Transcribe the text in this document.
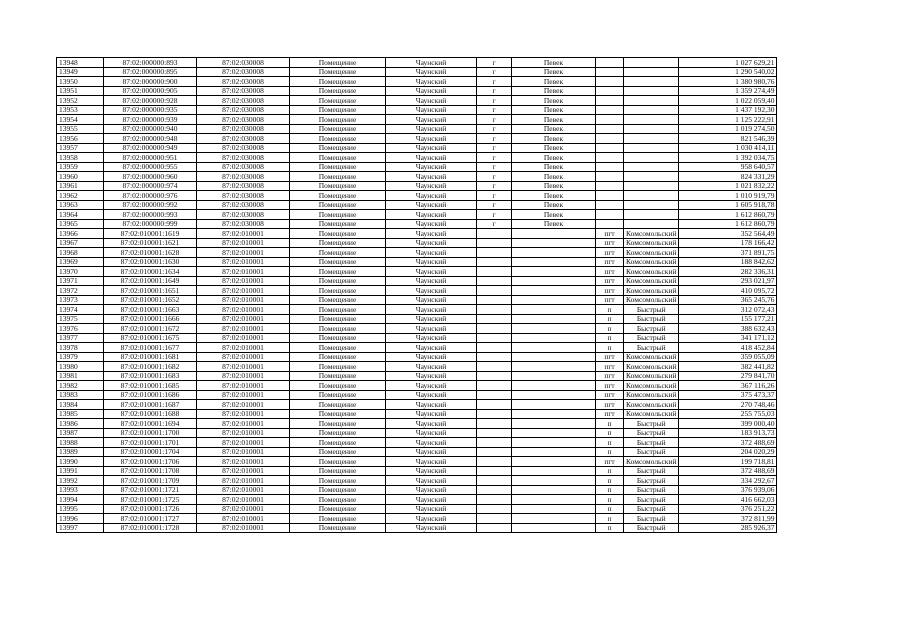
13948	87:02:000000:893	87:02:030008	Помещение	Чаунский	г	Певек			1 027 629,21
13949	87:02:000000:895	87:02:030008	Помещение	Чаунский	г	Певек			1 290 540,02
13950	87:02:000000:900	87:02:030008	Помещение	Чаунский	г	Певек			1 380 980,76
13951	87:02:000000:905	87:02:030008	Помещение	Чаунский	г	Певек			1 359 274,49
13952	87:02:000000:928	87:02:030008	Помещение	Чаунский	г	Певек			1 022 059,40
13953	87:02:000000:935	87:02:030008	Помещение	Чаунский	г	Певек			1 437 192,30
13954	87:02:000000:939	87:02:030008	Помещение	Чаунский	г	Певек			1 125 222,91
13955	87:02:000000:940	87:02:030008	Помещение	Чаунский	г	Певек			1 019 274,50
13956	87:02:000000:948	87:02:030008	Помещение	Чаунский	г	Певек			821 546,39
13957	87:02:000000:949	87:02:030008	Помещение	Чаунский	г	Певек			1 030 414,11
13958	87:02:000000:951	87:02:030008	Помещение	Чаунский	г	Певек			1 392 034,75
13959	87:02:000000:955	87:02:030008	Помещение	Чаунский	г	Певек			958 640,57
13960	87:02:000000:960	87:02:030008	Помещение	Чаунский	г	Певек			824 331,29
13961	87:02:000000:974	87:02:030008	Помещение	Чаунский	г	Певек			1 021 832,22
13962	87:02:000000:976	87:02:030008	Помещение	Чаунский	г	Певек			1 010 919,79
13963	87:02:000000:992	87:02:030008	Помещение	Чаунский	г	Певек			1 605 918,78
13964	87:02:000000:993	87:02:030008	Помещение	Чаунский	г	Певек			1 612 860,79
13965	87:02:000000:999	87:02:030008	Помещение	Чаунский	г	Певек			1 612 860,79
13966	87:02:010001:1619	87:02:010001	Помещение	Чаунский			пгт	Комсомольский	352 564,49
13967	87:02:010001:1621	87:02:010001	Помещение	Чаунский			пгт	Комсомольский	178 166,42
13968	87:02:010001:1628	87:02:010001	Помещение	Чаунский			пгт	Комсомольский	371 891,75
13969	87:02:010001:1630	87:02:010001	Помещение	Чаунский			пгт	Комсомольский	188 842,62
13970	87:02:010001:1634	87:02:010001	Помещение	Чаунский			пгт	Комсомольский	282 336,31
13971	87:02:010001:1649	87:02:010001	Помещение	Чаунский			пгт	Комсомольский	293 021,97
13972	87:02:010001:1651	87:02:010001	Помещение	Чаунский			пгт	Комсомольский	410 095,72
13973	87:02:010001:1652	87:02:010001	Помещение	Чаунский			пгт	Комсомольский	365 245,76
13974	87:02:010001:1663	87:02:010001	Помещение	Чаунский			п	Быстрый	312 072,43
13975	87:02:010001:1666	87:02:010001	Помещение	Чаунский			п	Быстрый	155 177,21
13976	87:02:010001:1672	87:02:010001	Помещение	Чаунский			п	Быстрый	388 632,43
13977	87:02:010001:1675	87:02:010001	Помещение	Чаунский			п	Быстрый	341 171,12
13978	87:02:010001:1677	87:02:010001	Помещение	Чаунский			п	Быстрый	418 452,84
13979	87:02:010001:1681	87:02:010001	Помещение	Чаунский			пгт	Комсомольский	359 055,09
13980	87:02:010001:1682	87:02:010001	Помещение	Чаунский			пгт	Комсомольский	382 441,82
13981	87:02:010001:1683	87:02:010001	Помещение	Чаунский			пгт	Комсомольский	279 841,70
13982	87:02:010001:1685	87:02:010001	Помещение	Чаунский			пгт	Комсомольский	367 116,26
13983	87:02:010001:1686	87:02:010001	Помещение	Чаунский			пгт	Комсомольский	375 473,37
13984	87:02:010001:1687	87:02:010001	Помещение	Чаунский			пгт	Комсомольский	270 748,46
13985	87:02:010001:1688	87:02:010001	Помещение	Чаунский			пгт	Комсомольский	255 755,03
13986	87:02:010001:1694	87:02:010001	Помещение	Чаунский			п	Быстрый	399 000,40
13987	87:02:010001:1700	87:02:010001	Помещение	Чаунский			п	Быстрый	183 913,73
13988	87:02:010001:1701	87:02:010001	Помещение	Чаунский			п	Быстрый	372 488,69
13989	87:02:010001:1704	87:02:010001	Помещение	Чаунский			п	Быстрый	204 020,29
13990	87:02:010001:1706	87:02:010001	Помещение	Чаунский			пгт	Комсомольский	199 718,81
13991	87:02:010001:1708	87:02:010001	Помещение	Чаунский			п	Быстрый	372 488,69
13992	87:02:010001:1709	87:02:010001	Помещение	Чаунский			п	Быстрый	334 292,67
13993	87:02:010001:1721	87:02:010001	Помещение	Чаунский			п	Быстрый	376 939,06
13994	87:02:010001:1725	87:02:010001	Помещение	Чаунский			п	Быстрый	416 662,03
13995	87:02:010001:1726	87:02:010001	Помещение	Чаунский			п	Быстрый	376 251,22
13996	87:02:010001:1727	87:02:010001	Помещение	Чаунский			п	Быстрый	372 811,99
13997	87:02:010001:1728	87:02:010001	Помещение	Чаунский			п	Быстрый	285 926,37
